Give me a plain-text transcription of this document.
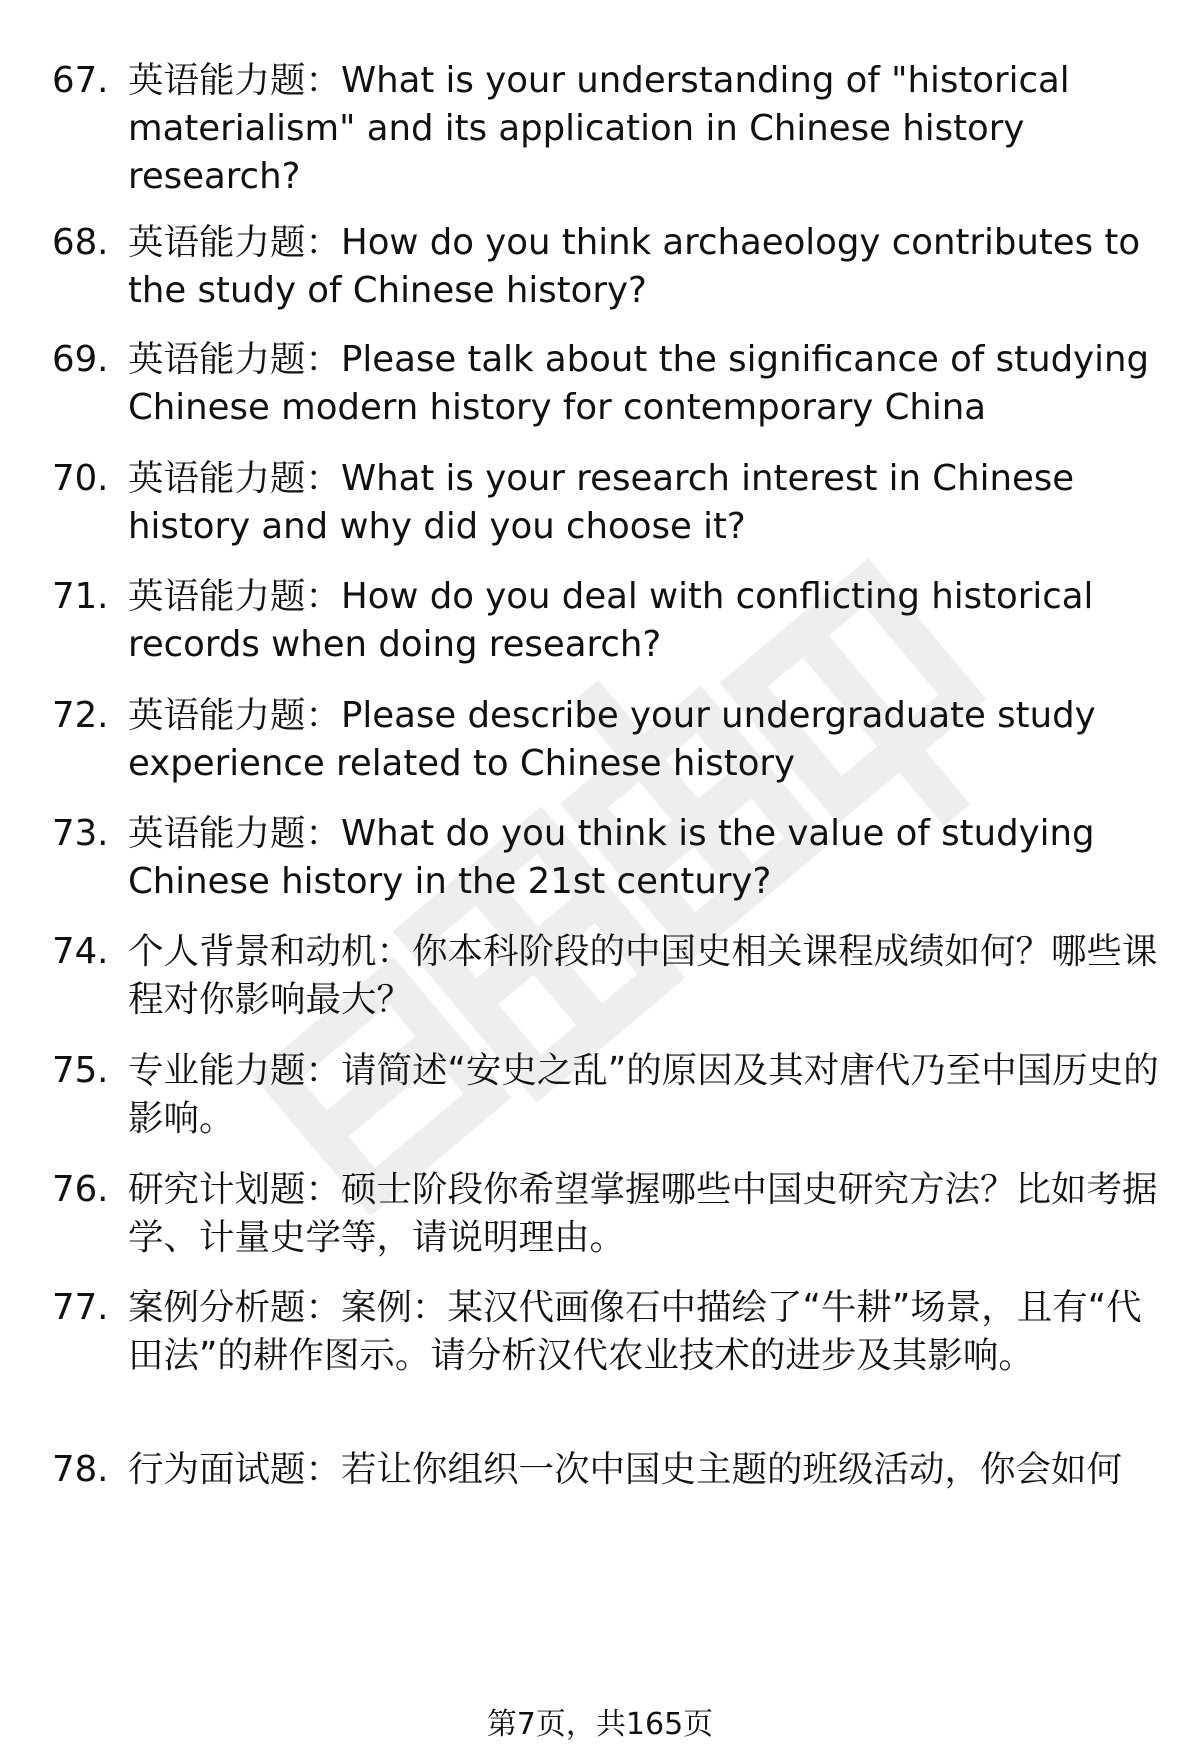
67. 英语能力题：What is your understanding of "historical materialism" and its application in Chinese history research?
68. 英语能力题：How do you think archaeology contributes to the study of Chinese history?
69. 英语能力题：Please talk about the significance of studying Chinese modern history for contemporary China
70. 英语能力题：What is your research interest in Chinese history and why did you choose it?
71. 英语能力题：How do you deal with conflicting historical records when doing research?
72. 英语能力题：Please describe your undergraduate study experience related to Chinese history
73. 英语能力题：What do you think is the value of studying Chinese history in the 21st century?
74. 个人背景和动机：你本科阶段的中国史相关课程成绩如何？哪些课程对你影响最大？
75. 专业能力题：请简述“安史之乱”的原因及其对唐代乃至中国历史的影响。
76. 研究计划题：硕士阶段你希望掌握哪些中国史研究方法？比如考据学、计量史学等，请说明理由。
77. 案例分析题：案例：某汉代画像石中描绘了“牛耕”场景，且有“代田法”的耕作图示。请分析汉代农业技术的进步及其影响。
78. 行为面试题：若让你组织一次中国史主题的班级活动，你会如何
第7页，共165页
